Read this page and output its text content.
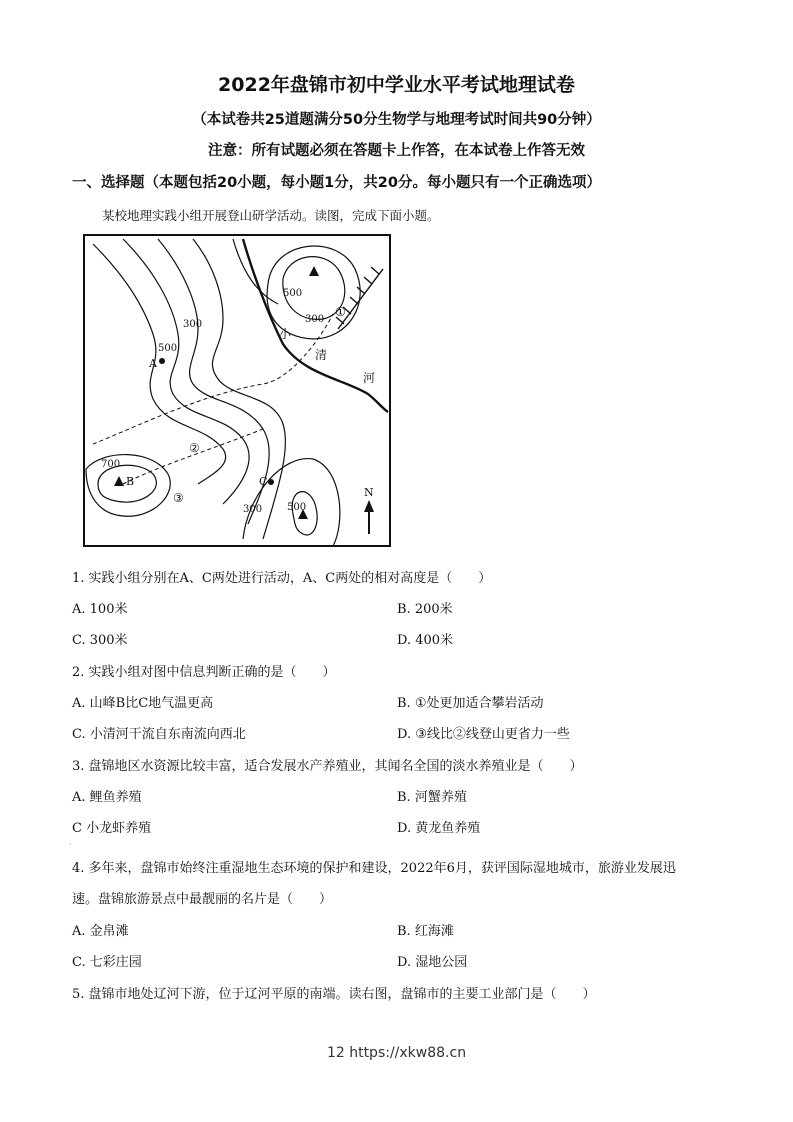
2022年盘锦市初中学业水平考试地理试卷
（本试卷共25道题满分50分生物学与地理考试时间共90分钟）
注意：所有试题必须在答题卡上作答，在本试卷上作答无效
一、选择题（本题包括20小题，每小题1分，共20分。每小题只有一个正确选项）
某校地理实践小组开展登山研学活动。读图，完成下面小题。
500
300
300
500
A
700
B	C
300 500
①
②
③
小
清
河
N
1. 实践小组分别在A、C两处进行活动，A、C两处的相对高度是（　　）
A. 100米	B. 200米
C. 300米	D. 400米
2. 实践小组对图中信息判断正确的是（　　）
A. 山峰B比C地气温更高	B. ①处更加适合攀岩活动
C. 小清河干流自东南流向西北	D. ③线比②线登山更省力一些
3. 盘锦地区水资源比较丰富，适合发展水产养殖业，其闻名全国的淡水养殖业是（　　）
A. 鲤鱼养殖	B. 河蟹养殖
C 小龙虾养殖	D. 黄龙鱼养殖
·
4. 多年来，盘锦市始终注重湿地生态环境的保护和建设，2022年6月，获评国际湿地城市，旅游业发展迅
速。盘锦旅游景点中最靓丽的名片是（　　）
A. 金帛滩	B. 红海滩
C. 七彩庄园	D. 湿地公园
5. 盘锦市地处辽河下游，位于辽河平原的南端。读右图，盘锦市的主要工业部门是（　　）
12 https://xkw88.cn
